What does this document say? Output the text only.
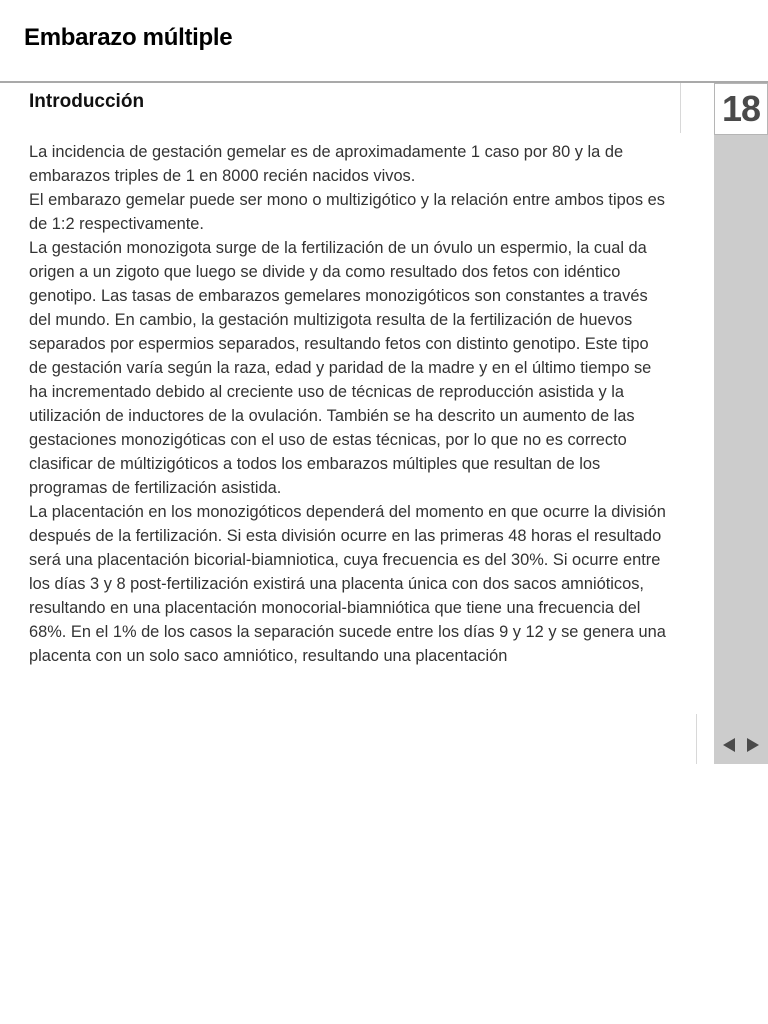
Embarazo múltiple
Introducción

La incidencia de gestación gemelar es de aproximadamente 1 caso por 80 y la de embarazos triples de 1 en 8000 recién nacidos vivos.

El embarazo gemelar puede ser mono o multizigótico y la relación entre ambos tipos es de 1:2 respectivamente.

La gestación monozigota surge de la fertilización de un óvulo un espermio, la cual da origen a un zigoto que luego se divide y da como resultado dos fetos con idéntico genotipo. Las tasas de embarazos gemelares monozigóticos son constantes a través del mundo. En cambio, la gestación multizigota resulta de la fertilización de huevos separados por espermios separados, resultando fetos con distinto genotipo. Este tipo de gestación varía según la raza, edad y paridad de la madre y en el último tiempo se ha incrementado debido al creciente uso de técnicas de reproducción asistida y la utilización de inductores de la ovulación. También se ha descrito un aumento de las gestaciones monozigóticas con el uso de estas técnicas, por lo que no es correcto clasificar de múltizigóticos a todos los embarazos múltiples que resultan de los programas de fertilización asistida.

La placentación en los monozigóticos dependerá del momento en que ocurre la división después de la fertilización. Si esta división ocurre en las primeras 48 horas el resultado será una placentación bicorial-biamniotica, cuya frecuencia es del 30%. Si ocurre entre los días 3 y 8 post-fertilización existirá una placenta única con dos sacos amnióticos, resultando en una placentación monocorial-biamniótica que tiene una frecuencia del 68%. En el 1% de los casos la separación sucede entre los días 9 y 12 y se genera una placenta con un solo saco amniótico, resultando una placentación

18
